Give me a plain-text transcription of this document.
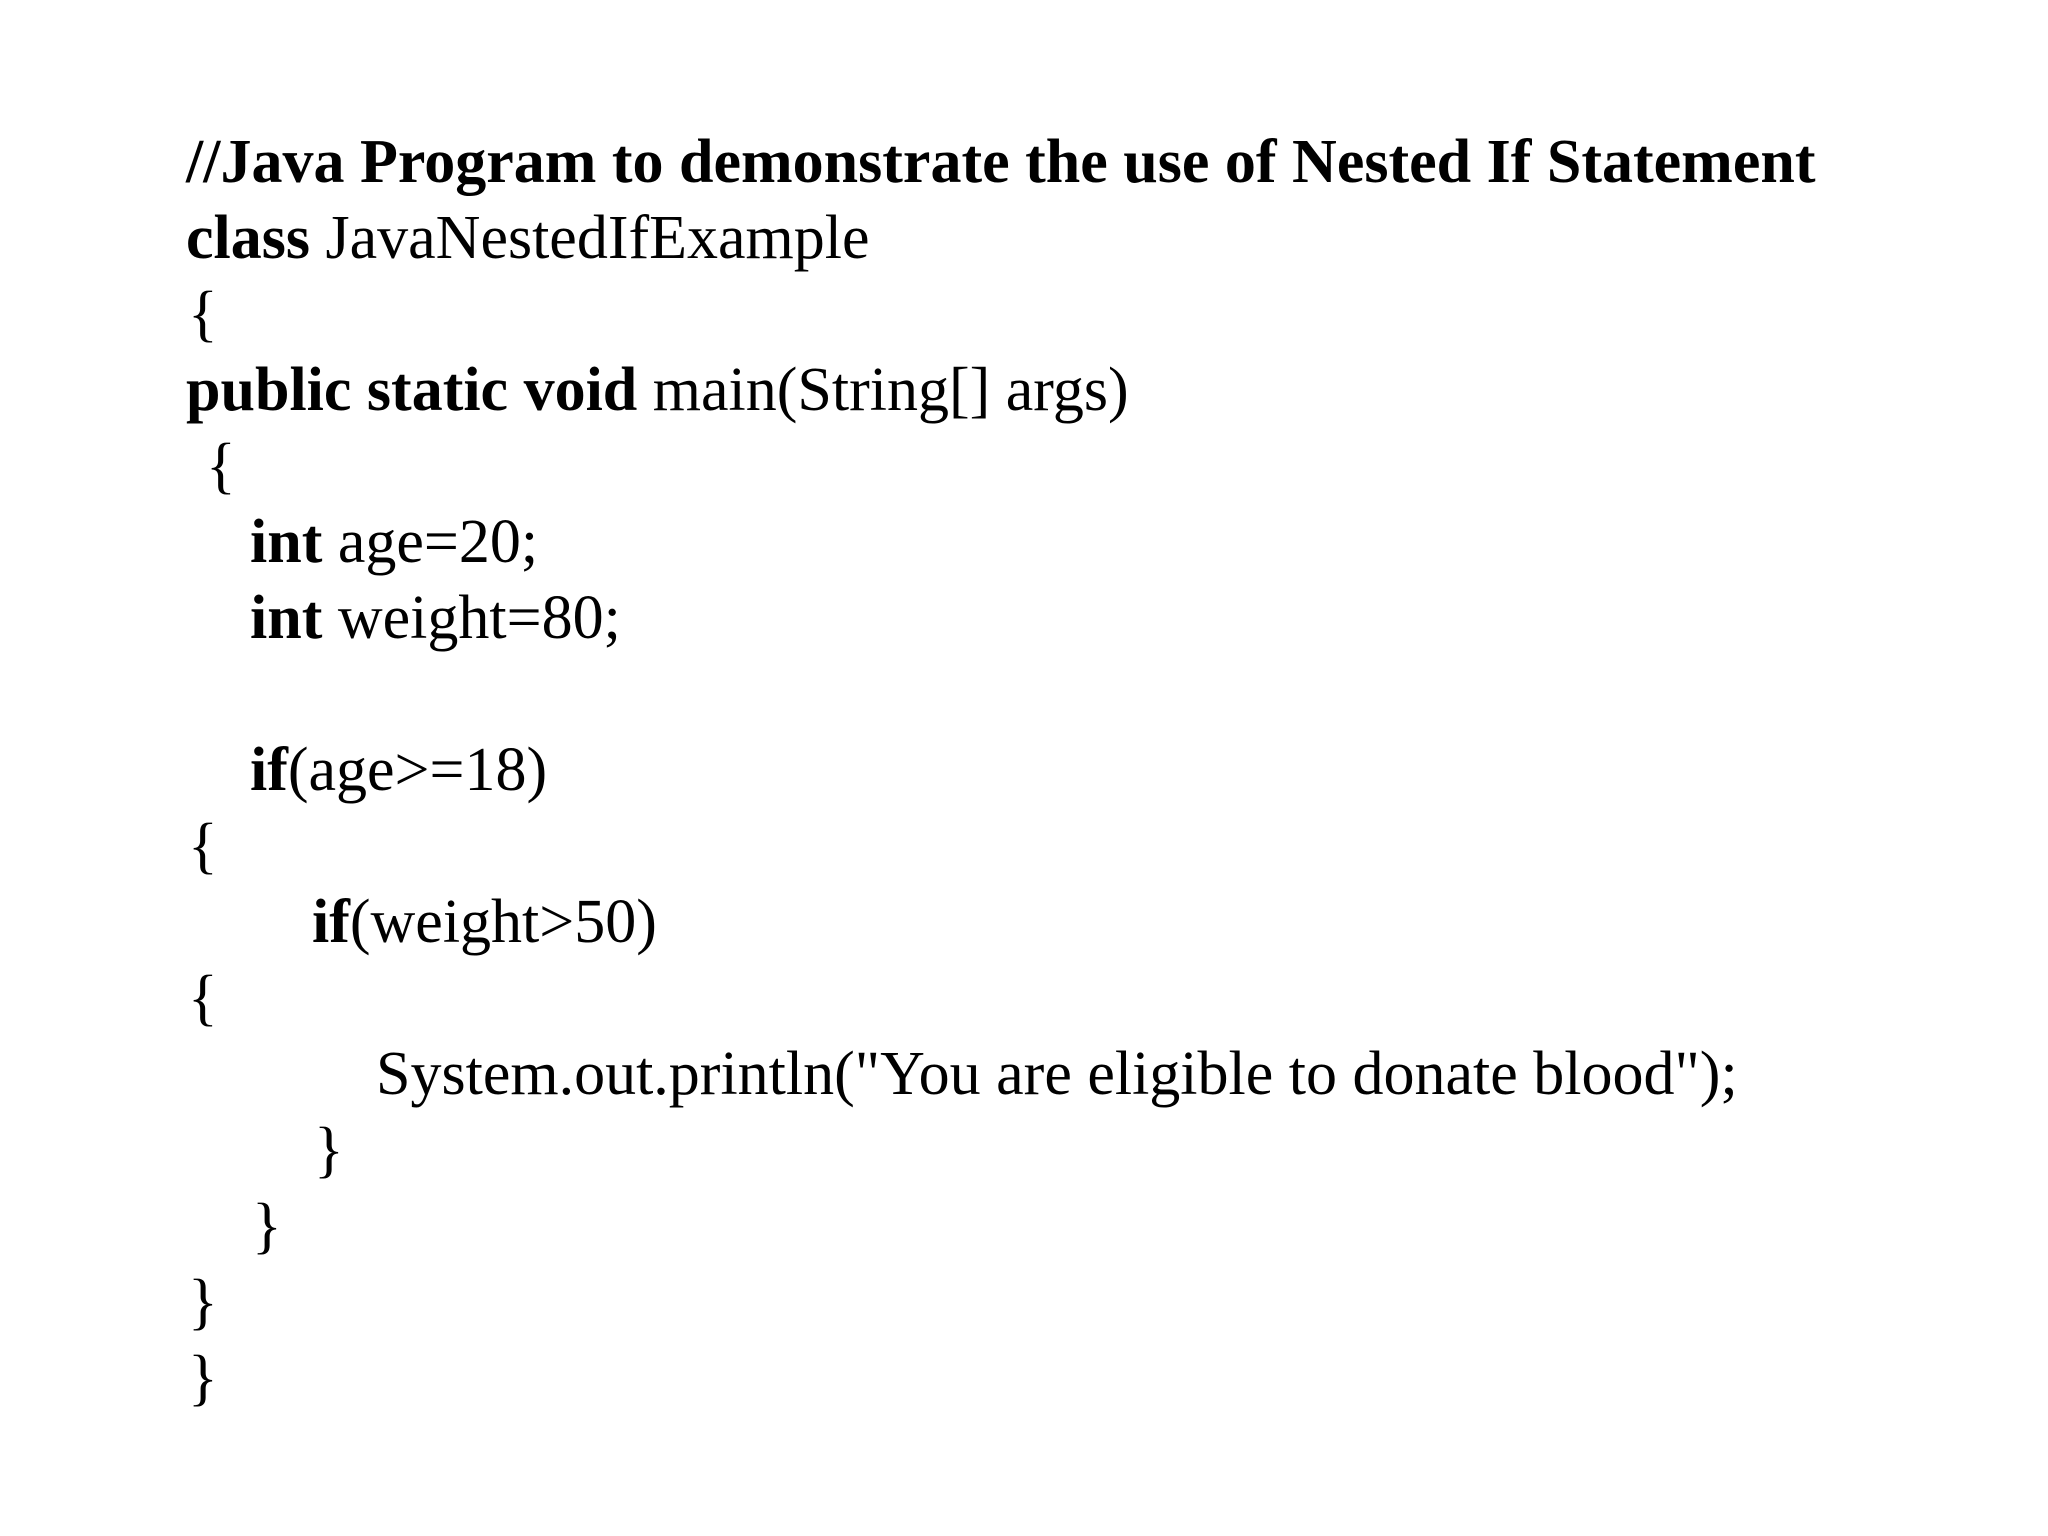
//Java Program to demonstrate the use of Nested If Statement

class JavaNestedIfExample

{

public static void main(String[] args)

{

int age=20;

int weight=80;

if(age>=18)

{

if(weight>50)

{

System.out.println("You are eligible to donate blood");

}

}

}

}
